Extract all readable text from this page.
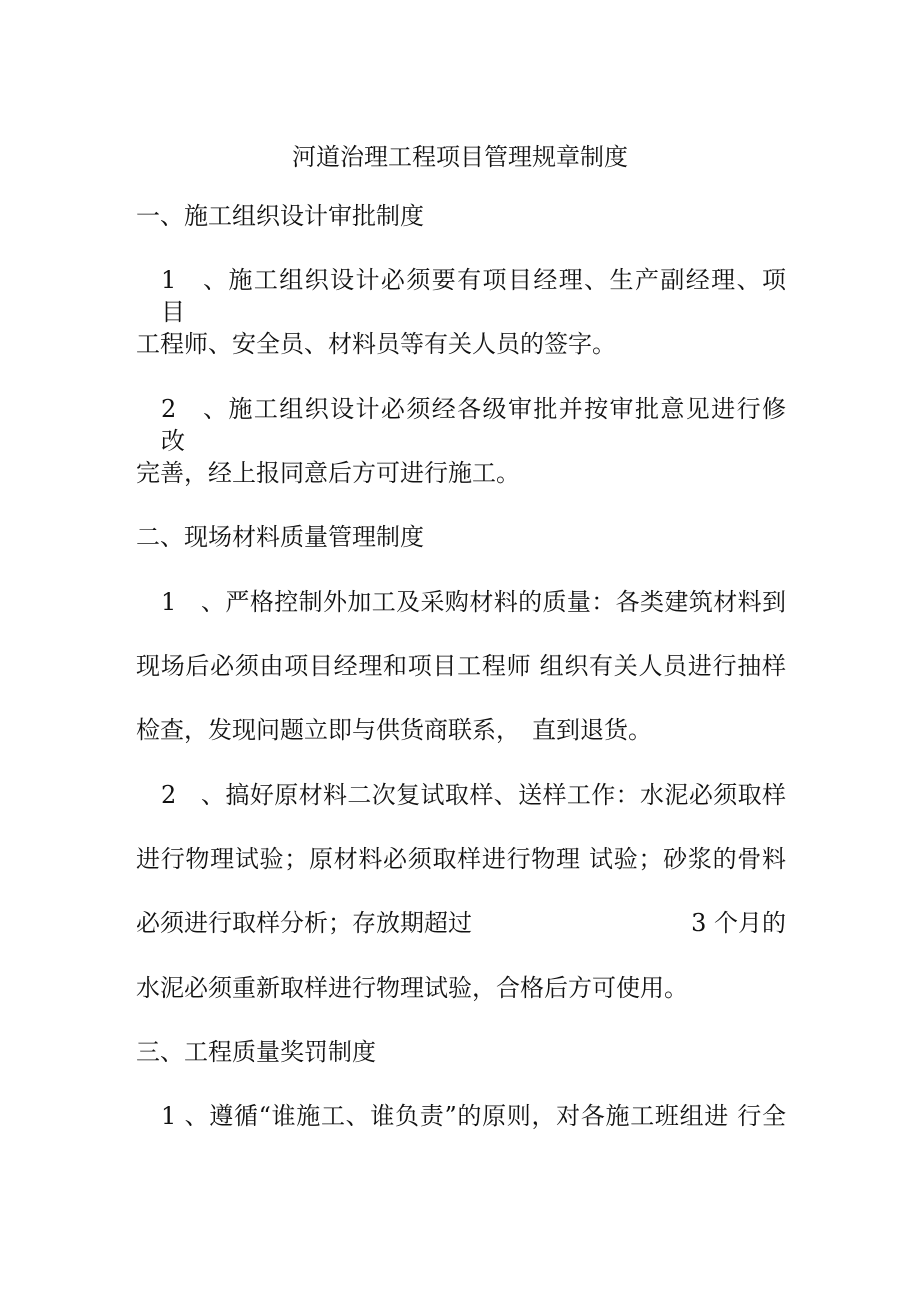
河道治理工程项目管理规章制度
一、施工组织设计审批制度
1　、施工组织设计必须要有项目经理、生产副经理、项　目
工程师、安全员、材料员等有关人员的签字。
2　、施工组织设计必须经各级审批并按审批意见进行修　改
完善，经上报同意后方可进行施工。
二、现场材料质量管理制度
1　、严格控制外加工及采购材料的质量：各类建筑材料到
现场后必须由项目经理和项目工程师 组织有关人员进行抽样
检查，发现问题立即与供货商联系，　直到退货。
2　、搞好原材料二次复试取样、送样工作：水泥必须取样
进行物理试验；原材料必须取样进行物理 试验；砂浆的骨料
必须进行取样分析；存放期超过	3 个月的
水泥必须重新取样进行物理试验，合格后方可使用。
三、工程质量奖罚制度
1 、遵循“谁施工、谁负责”的原则，对各施工班组进 行全
